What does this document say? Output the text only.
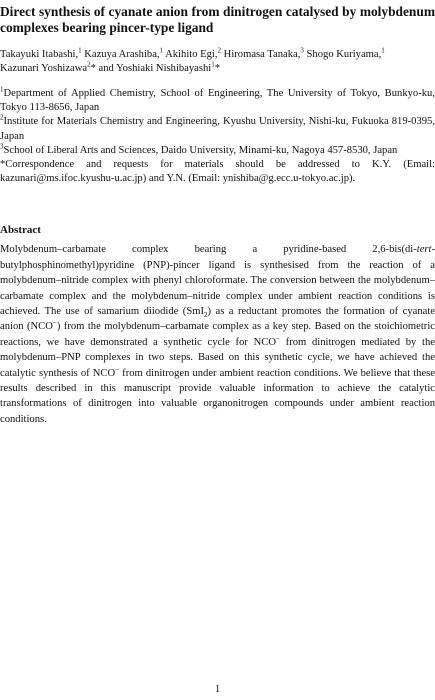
Direct synthesis of cyanate anion from dinitrogen catalysed by molybdenum complexes bearing pincer-type ligand

Takayuki Itabashi,$^1$ Kazuya Arashiba,$^1$ Akihito Egi,$^2$ Hiromasa Tanaka,$^3$ Shogo Kuriyama,$^1$
Kazunari Yoshizawa$^2$* and Yoshiaki Nishibayashi$^1$*

$^1$Department of Applied Chemistry, School of Engineering, The University of Tokyo, Bunkyo-ku, Tokyo 113-8656, Japan

$^2$Institute for Materials Chemistry and Engineering, Kyushu University, Nishi-ku, Fukuoka 819-0395, Japan

$^3$School of Liberal Arts and Sciences, Daido University, Minami-ku, Nagoya 457-8530, Japan

*Correspondence and requests for materials should be addressed to K.Y. (Email: kazunari@ms.ifoc.kyushu-u.ac.jp) and Y.N. (Email: ynishiba@g.ecc.u-tokyo.ac.jp).

Abstract

Molybdenum–carbamate complex bearing a pyridine-based 2,6-bis(di-tert-butylphosphinomethyl)pyridine (PNP)-pincer ligand is synthesised from the reaction of a molybdenum–nitride complex with phenyl chloroformate. The conversion between the molybdenum–carbamate complex and the molybdenum–nitride complex under ambient reaction conditions is achieved. The use of samarium diiodide (SmI$_2$) as a reductant promotes the formation of cyanate anion (NCO−) from the molybdenum–carbamate complex as a key step. Based on the stoichiometric reactions, we have demonstrated a synthetic cycle for NCO− from dinitrogen mediated by the molybdenum–PNP complexes in two steps. Based on this synthetic cycle, we have achieved the catalytic synthesis of NCO− from dinitrogen under ambient reaction conditions. We believe that these results described in this manuscript provide valuable information to achieve the catalytic transformations of dinitrogen into valuable organonitrogen compounds under ambient reaction conditions.

1
